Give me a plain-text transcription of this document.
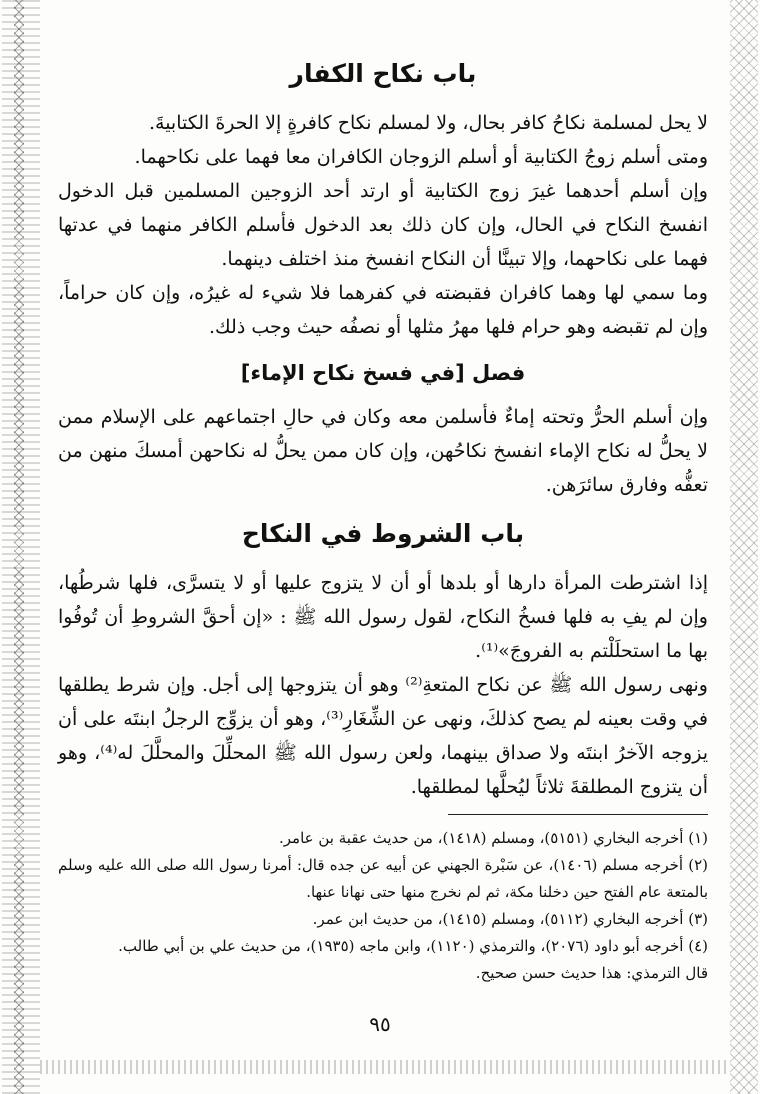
باب نكاح الكفار

لا يحل لمسلمة نكاحُ كافر بحال، ولا لمسلم نكاح كافرةٍ إلا الحرةَ الكتابيةَ.

ومتى أسلم زوجُ الكتابية أو أسلم الزوجان الكافران معا فهما على نكاحهما.

وإن أسلم أحدهما غيرَ زوج الكتابية أو ارتد أحد الزوجين المسلمين قبل الدخول انفسخ النكاح في الحال، وإن كان ذلك بعد الدخول فأسلم الكافر منهما في عدتها فهما على نكاحهما، وإلا تبينَّا أن النكاح انفسخ منذ اختلف دينهما.

وما سمي لها وهما كافران فقبضته في كفرهما فلا شيء له غيرُه، وإن كان حراماً، وإن لم تقبضه وهو حرام فلها مهرُ مثلها أو نصفُه حيث وجب ذلك.

فصل [في فسخ نكاح الإماء]

وإن أسلم الحرُّ وتحته إماءٌ فأسلمن معه وكان في حالِ اجتماعهم على الإسلام ممن لا يحلُّ له نكاح الإماء انفسخ نكاحُهن، وإن كان ممن يحلُّ له نكاحهن أمسكَ منهن من تعفُّه وفارق سائرَهن.

باب الشروط في النكاح

إذا اشترطت المرأة دارها أو بلدها أو أن لا يتزوج عليها أو لا يتسرَّى، فلها شرطُها، وإن لم يفِ به فلها فسخُ النكاح، لقول رسول الله ﷺ : «إن أحقَّ الشروطِ أن تُوفُوا بها ما استحلَلْتم به الفروجَ»⁽¹⁾.

ونهى رسول الله ﷺ عن نكاح المتعةِ⁽²⁾ وهو أن يتزوجها إلى أجل. وإن شرط يطلقها في وقت بعينه لم يصح كذلكَ، ونهى عن الشِّغَارِ⁽³⁾، وهو أن يزوِّج الرجلُ ابنتَه على أن يزوجه الآخرُ ابنتَه ولا صداق بينهما، ولعن رسول الله ﷺ المحلِّلَ والمحلَّلَ له⁽⁴⁾، وهو أن يتزوج المطلقةَ ثلاثاً ليُحلَّها لمطلقها.

(١) أخرجه البخاري (٥١٥١)، ومسلم (١٤١٨)، من حديث عقبة بن عامر.

(٢) أخرجه مسلم (١٤٠٦)، عن سَبْرة الجهني عن أبيه عن جده قال: أمرنا رسول الله صلى الله عليه وسلم بالمتعة عام الفتح حين دخلنا مكة، ثم لم نخرج منها حتى نهانا عنها.

(٣) أخرجه البخاري (٥١١٢)، ومسلم (١٤١٥)، من حديث ابن عمر.

(٤) أخرجه أبو داود (٢٠٧٦)، والترمذي (١١٢٠)، وابن ماجه (١٩٣٥)، من حديث علي بن أبي طالب.

قال الترمذي: هذا حديث حسن صحيح.

٩٥
